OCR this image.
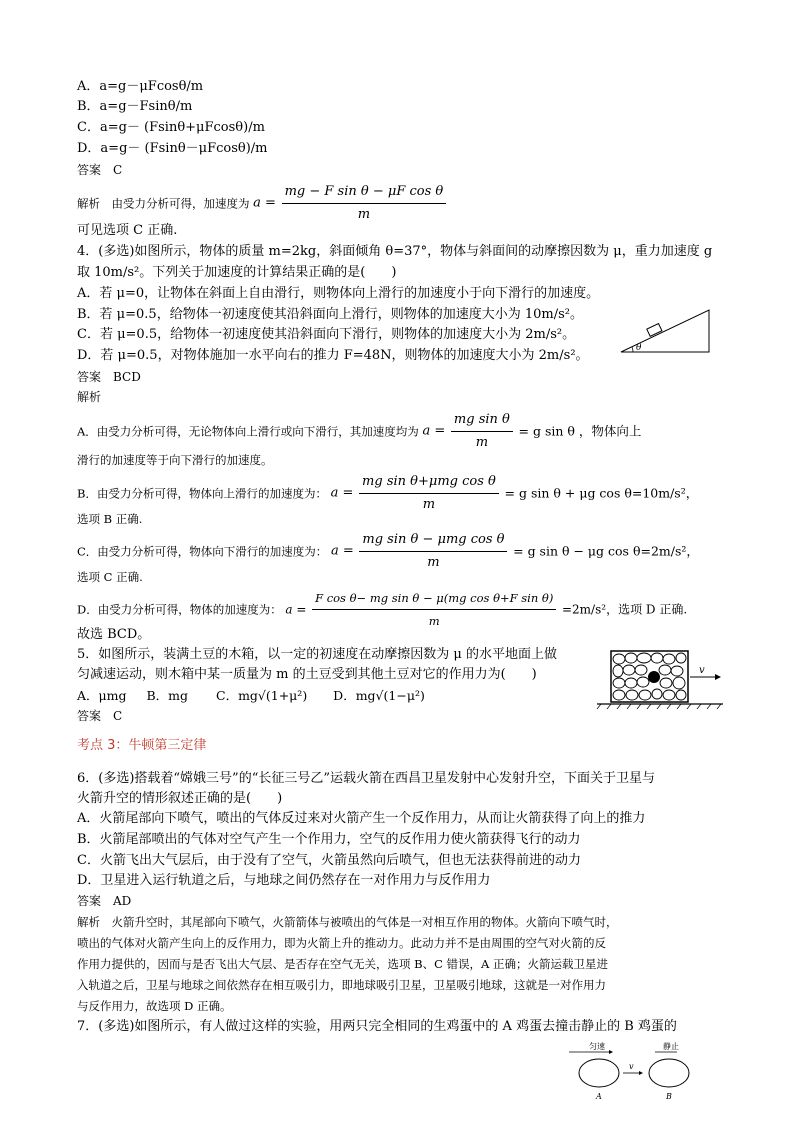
A．a=g－μFcosθ/m
B．a=g－Fsinθ/m
C．a=g－ (Fsinθ+μFcosθ)/m
D．a=g－ (Fsinθ－μFcosθ)/m
答案　C
解析　由受力分析可得，加速度为 $a = \frac{\text{mg − F sin θ − μF cos θ}}{m}$
可见选项 C 正确.
4．(多选)如图所示，物体的质量 m=2kg，斜面倾角 θ=37°，物体与斜面间的动摩擦因数为 μ，重力加速度 g
取 10m/s²。下列关于加速度的计算结果正确的是(　　)
A．若 μ=0，让物体在斜面上自由滑行，则物体向上滑行的加速度小于向下滑行的加速度。
B．若 μ=0.5，给物体一初速度使其沿斜面向上滑行，则物体的加速度大小为 10m/s²。
C．若 μ=0.5，给物体一初速度使其沿斜面向下滑行，则物体的加速度大小为 2m/s²。
D．若 μ=0.5，对物体施加一水平向右的推力 F=48N，则物体的加速度大小为 2m/s²。	θ
答案　BCD
解析
A．由受力分析可得，无论物体向上滑行或向下滑行，其加速度均为 $a = \frac{\text{mg sin θ}}{m} = g$ sin θ ，物体向上
滑行的加速度等于向下滑行的加速度。
B．由受力分析可得，物体向上滑行的加速度为： $a = \frac{\text{mg sin θ+μmg cos θ}}{m} = g$ sin θ + μg cos θ=10m/s²，
选项 B 正确.
C．由受力分析可得，物体向下滑行的加速度为： $a = \frac{\text{mg sin θ − μmg cos θ}}{m} = g$ sin θ − μg cos θ=2m/s²，
选项 C 正确.
D．由受力分析可得，物体的加速度为： $a = \frac{\text{F cos θ− mg sin θ − μ(mg cos θ+F sin θ)}}{m} =2m/s^2$，选项 D 正确.
故选 BCD。
5．如图所示，装满土豆的木箱，以一定的初速度在动摩擦因数为 μ 的水平地面上做
匀减速运动，则木箱中某一质量为 m 的土豆受到其他土豆对它的作用力为(　　)
A．μmg B．mg C．mg√(1+μ²) D．mg√(1−μ²)
v
答案　C
考点 3：牛顿第三定律
6．(多选)搭载着“嫦娥三号”的“长征三号乙”运载火箭在西昌卫星发射中心发射升空，下面关于卫星与
火箭升空的情形叙述正确的是(　　)
A．火箭尾部向下喷气，喷出的气体反过来对火箭产生一个反作用力，从而让火箭获得了向上的推力
B．火箭尾部喷出的气体对空气产生一个作用力，空气的反作用力使火箭获得飞行的动力
C．火箭飞出大气层后，由于没有了空气，火箭虽然向后喷气，但也无法获得前进的动力
D．卫星进入运行轨道之后，与地球之间仍然存在一对作用力与反作用力
答案　AD
解析　火箭升空时，其尾部向下喷气，火箭箭体与被喷出的气体是一对相互作用的物体。火箭向下喷气时，
喷出的气体对火箭产生向上的反作用力，即为火箭上升的推动力。此动力并不是由周围的空气对火箭的反
作用力提供的，因而与是否飞出大气层、是否存在空气无关，选项 B、C 错误，A 正确；火箭运载卫星进
入轨道之后，卫星与地球之间依然存在相互吸引力，即地球吸引卫星，卫星吸引地球，这就是一对作用力
与反作用力，故选项 D 正确。
7．(多选)如图所示，有人做过这样的实验，用两只完全相同的生鸡蛋中的 A 鸡蛋去撞击静止的 B 鸡蛋的
匀速	静止
v
A	B
